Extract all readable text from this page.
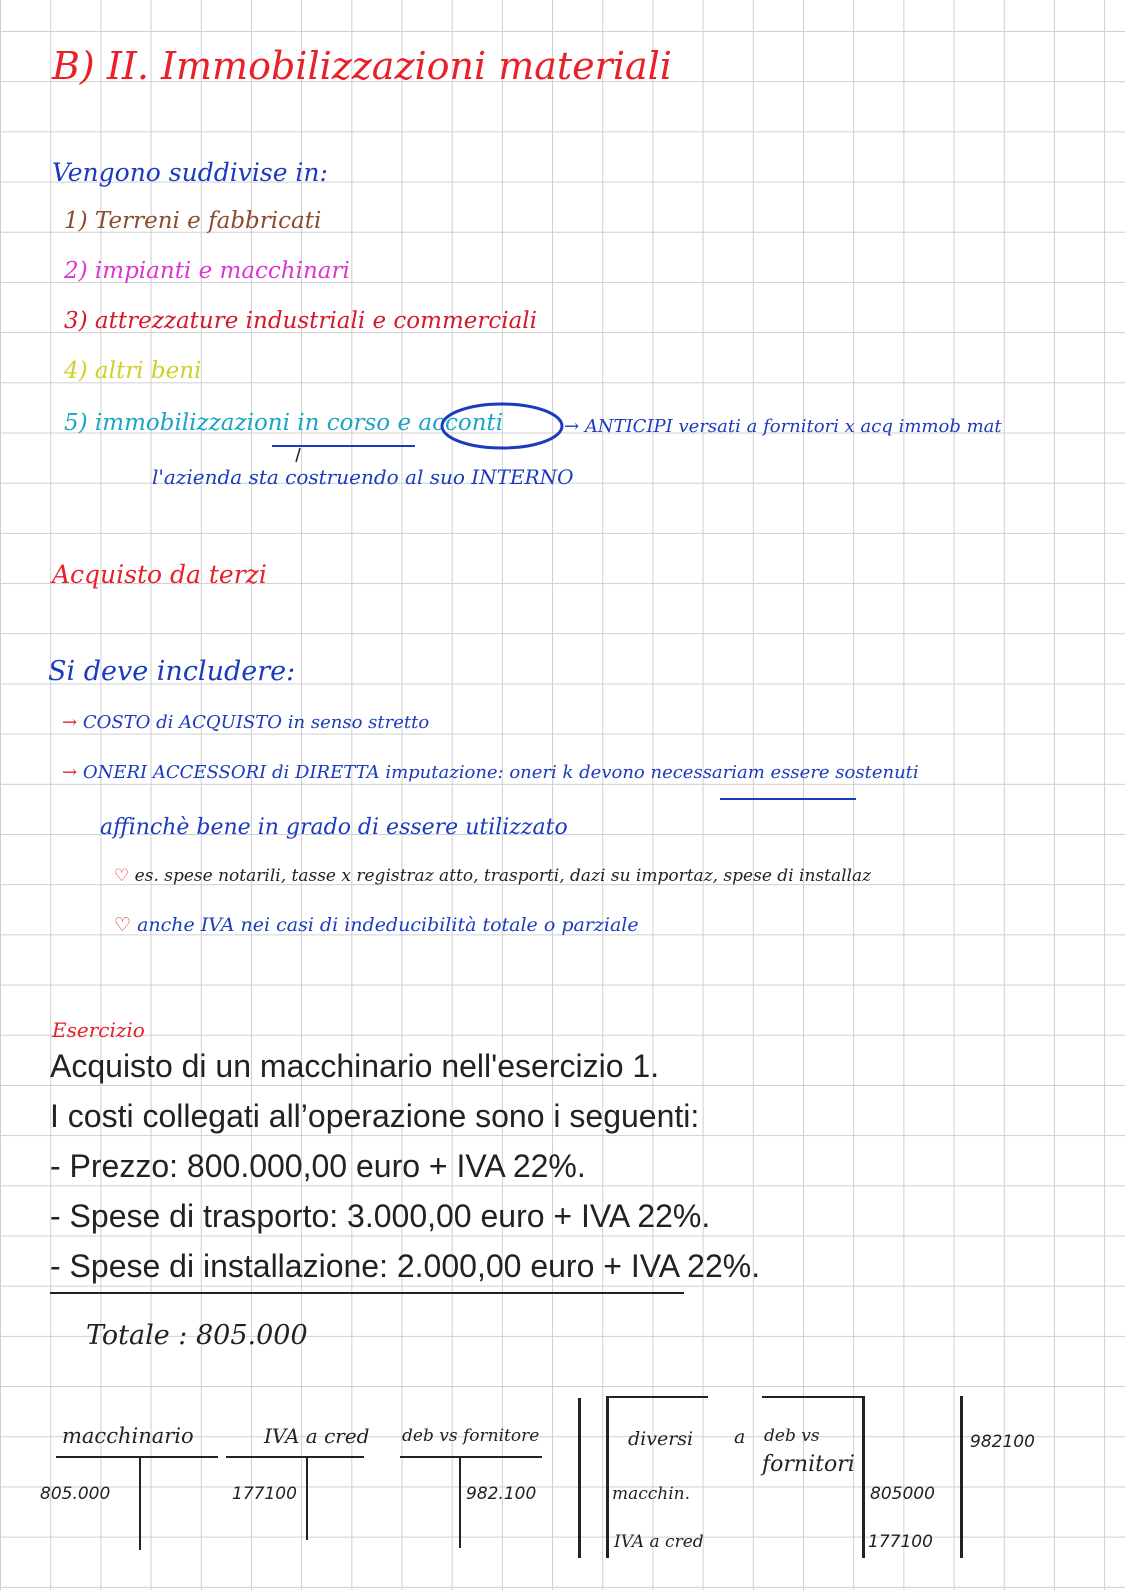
B) II. Immobilizzazioni materiali
Vengono suddivise in:
1) Terreni e fabbricati
2) impianti e macchinari
3) attrezzature industriali e commerciali
4) altri beni
5) immobilizzazioni in corso e acconti	→ ANTICIPI versati a fornitori x acq immob mat
l'azienda sta costruendo al suo INTERNO
Acquisto da terzi
Si deve includere:
→ COSTO di ACQUISTO in senso stretto
→ ONERI ACCESSORI di DIRETTA imputazione: oneri k devono necessariam essere sostenuti
affinchè bene in grado di essere utilizzato
♡ es. spese notarili, tasse x registraz atto, trasporti, dazi su importaz, spese di installaz
♡ anche IVA nei casi di indeducibilità totale o parziale
Esercizio
Acquisto di un macchinario nell'esercizio 1.
I costi collegati all’operazione sono i seguenti:
- Prezzo: 800.000,00 euro + IVA 22%.
- Spese di trasporto: 3.000,00 euro + IVA 22%.
- Spese di installazione: 2.000,00 euro + IVA 22%.
Totale : 805.000
macchinario
805.000
IVA a cred
177100
deb vs fornitore
982.100
diversi a deb vs
fornitori
982100
macchin.	805000
IVA a cred	177100
